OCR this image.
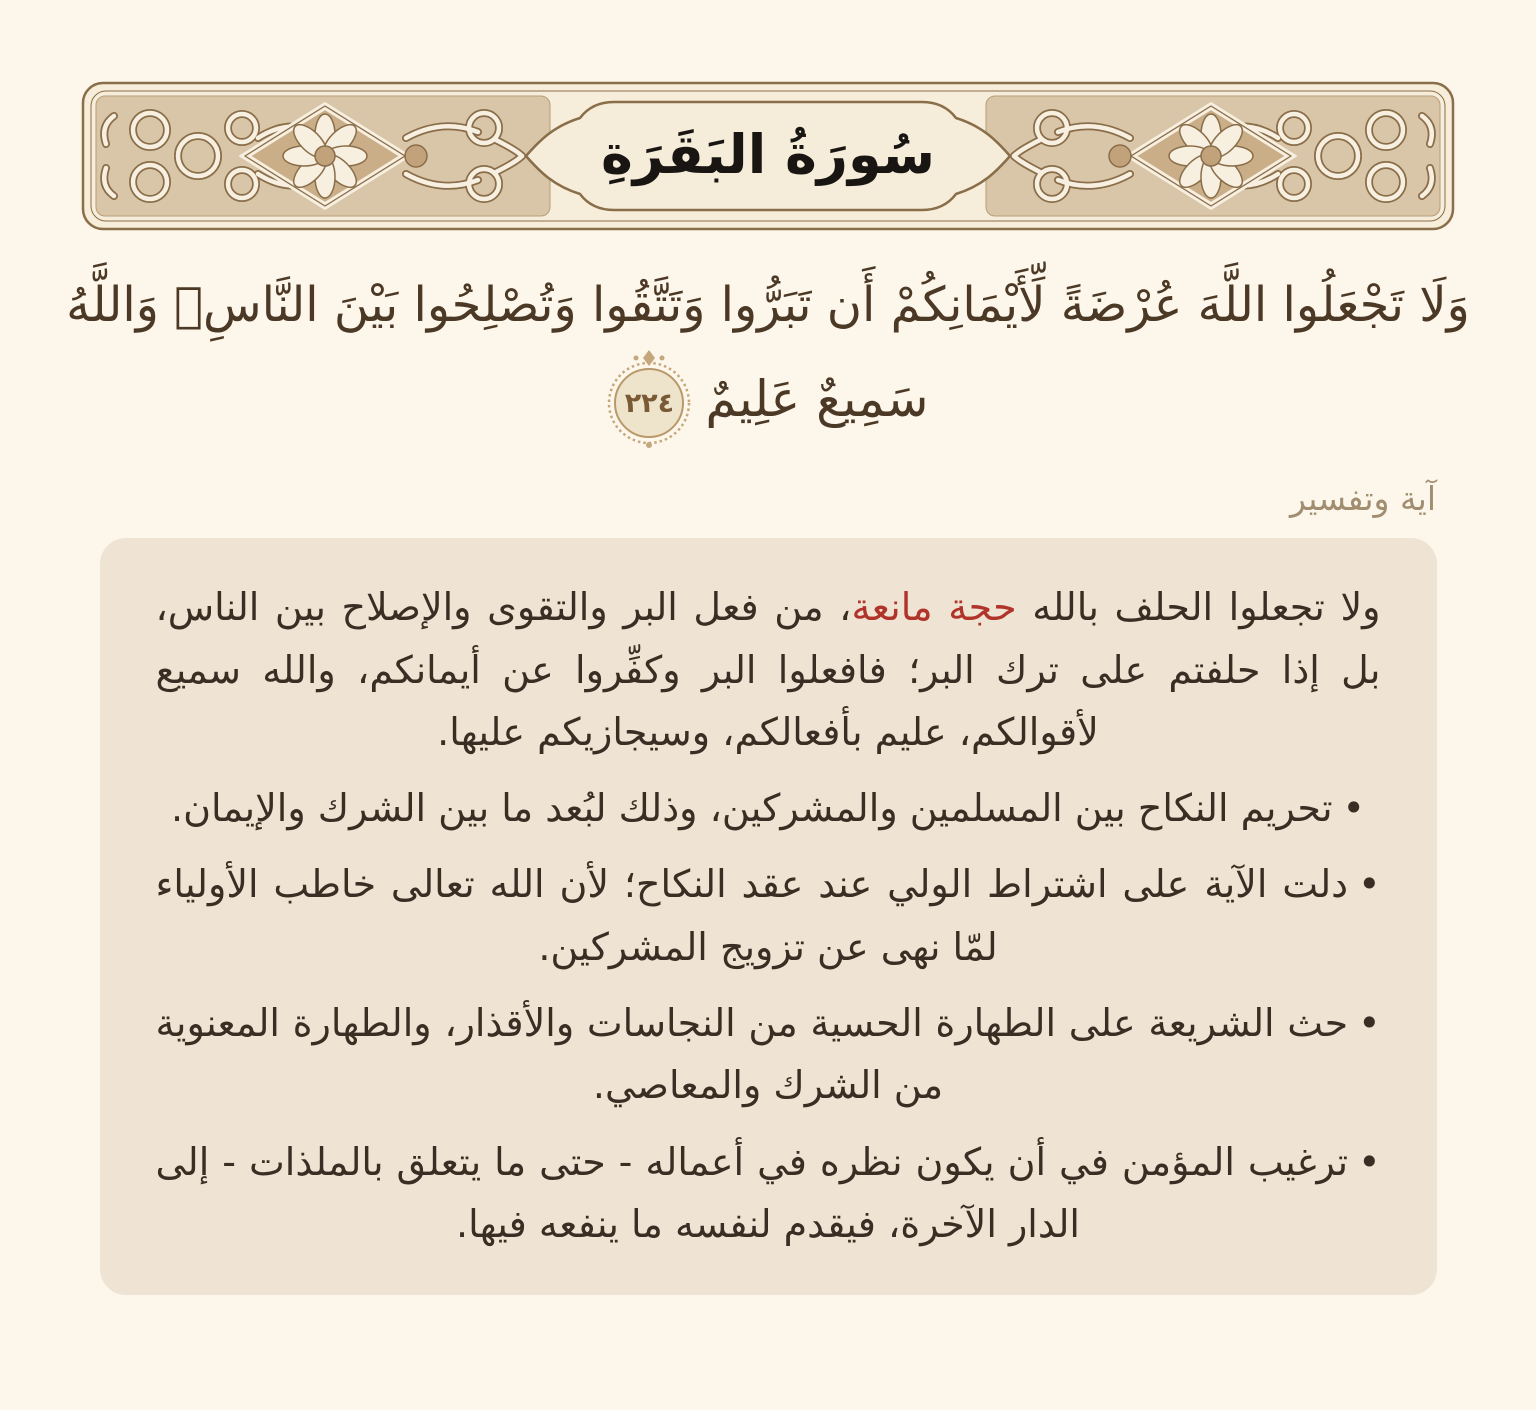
سُورَةُ البَقَرَةِ
وَلَا تَجْعَلُوا اللَّهَ عُرْضَةً لِّأَيْمَانِكُمْ أَن تَبَرُّوا وَتَتَّقُوا وَتُصْلِحُوا بَيْنَ النَّاسِۚ وَاللَّهُ
سَمِيعٌ عَلِيمٌ
٢٢٤
آية وتفسير

ولا تجعلوا الحلف بالله حجة مانعة، من فعل البر والتقوى والإصلاح بين الناس، بل إذا حلفتم على ترك البر؛ فافعلوا البر وكفِّروا عن أيمانكم، والله سميع لأقوالكم، عليم بأفعالكم، وسيجازيكم عليها.

•تحريم النكاح بين المسلمين والمشركين، وذلك لبُعد ما بين الشرك والإيمان.

•دلت الآية على اشتراط الولي عند عقد النكاح؛ لأن الله تعالى خاطب الأولياء لمّا نهى عن تزويج المشركين.

•حث الشريعة على الطهارة الحسية من النجاسات والأقذار، والطهارة المعنوية من الشرك والمعاصي.

•ترغيب المؤمن في أن يكون نظره في أعماله - حتى ما يتعلق بالملذات - إلى الدار الآخرة، فيقدم لنفسه ما ينفعه فيها.
